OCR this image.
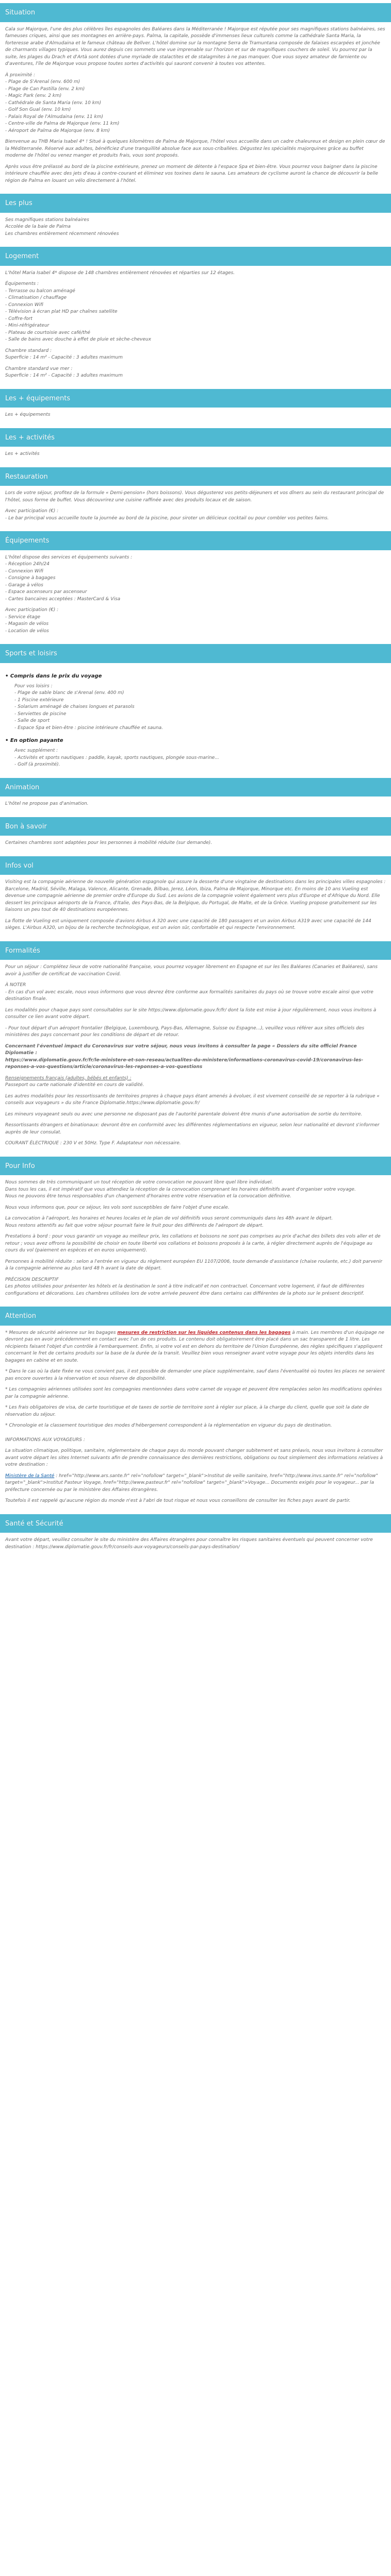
Situation

Cala sur Majorque, l'une des plus célèbres îles espagnoles des Baléares dans la Méditerranée ! Majorque est réputée pour ses magnifiques stations balnéaires, ses fameuses criques, ainsi que ses montagnes en arrière-pays. Palma, la capitale, possède d'immenses lieux culturels comme la cathédrale Santa Maria, la forteresse arabe d'Almudaina et le fameux château de Bellver. L'hôtel domine sur la montagne Serra de Tramuntana composée de falaises escarpées et jonchée de charmants villages typiques. Vous aurez depuis ces sommets une vue imprenable sur l'horizon et sur de magnifiques couchers de soleil. Vu pourrez par la suite, les plages du Drach et d'Artà sont dotées d'une myriade de stalactites et de stalagmites à ne pas manquer. Que vous soyez amateur de farniente ou d'aventures, l'île de Majorque vous propose toutes sortes d'activités qui sauront convenir à toutes vos attentes.

À proximité :

- Plage de S'Arenal (env. 600 m)
- Plage de Can Pastilla (env. 2 km)
- Magic Park (env. 2 km)
- Cathédrale de Santa Maria (env. 10 km)
- Golf Son Gual (env. 10 km)
- Palais Royal de l'Almudaina (env. 11 km)
- Centre-ville de Palma de Majorque (env. 11 km)
- Aéroport de Palma de Majorque (env. 8 km)

Bienvenue au THB Maria Isabel 4* ! Situé à quelques kilomètres de Palma de Majorque, l'hôtel vous accueille dans un cadre chaleureux et design en plein cœur de la Méditerranée. Réservé aux adultes, bénéficiez d'une tranquillité absolue face aux sous-criballées. Dégustez les spécialités majorquines grâce au buffet moderne de l'hôtel ou venez manger et produits frais, vous sont proposés.

Après vous être prélassé au bord de la piscine extérieure, prenez un moment de détente à l'espace Spa et bien-être. Vous pourrez vous baigner dans la piscine intérieure chauffée avec des jets d'eau à contre-courant et éliminez vos toxines dans le sauna. Les amateurs de cyclisme auront la chance de découvrir la belle région de Palma en louant un vélo directement à l'hôtel.

Les plus

Ses magnifiques stations balnéaires

Accolée de la baie de Palma

Les chambres entièrement récemment rénovées

Logement

L'hôtel Maria Isabel 4* dispose de 148 chambres entièrement rénovées et réparties sur 12 étages.

Équipements :

- Terrasse ou balcon aménagé
- Climatisation / chauffage
- Connexion Wifi
- Télévision à écran plat HD par chaînes satellite
- Coffre-fort
- Mini-réfrigérateur
- Plateau de courtoisie avec café/thé
- Salle de bains avec douche à effet de pluie et sèche-cheveux

Chambre standard :

Superficie : 14 m² - Capacité : 3 adultes maximum

Chambre standard vue mer :

Superficie : 14 m² - Capacité : 3 adultes maximum

Les + équipements

Les + équipements

Les + activités

Les + activités

Restauration

Lors de votre séjour, profitez de la formule « Demi-pension» (hors boissons). Vous dégusterez vos petits-déjeuners et vos dîners au sein du restaurant principal de l'hôtel, sous forme de buffet. Vous découvrirez une cuisine raffinée avec des produits locaux et de saison.

Avec participation (€) :

- Le bar principal vous accueille toute la journée au bord de la piscine, pour siroter un délicieux cocktail ou pour combler vos petites faims.

Équipements

L'hôtel dispose des services et équipements suivants :

- Réception 24h/24
- Connexion Wifi
- Consigne à bagages
- Garage à vélos
- Espace ascenseurs par ascenseur
- Cartes bancaires acceptées : MasterCard & Visa

Avec participation (€) :

- Service étage
- Magasin de vélos
- Location de vélos
Sports et loisirs
• Compris dans le prix du voyage

Pour vos loisirs :

- Plage de sable blanc de s'Arenal (env. 400 m)
- 1 Piscine extérieure
- Solarium aménagé de chaises longues et parasols
- Serviettes de piscine
- Salle de sport
- Espace Spa et bien-être : piscine intérieure chauffée et sauna.
• En option payante

Avec supplément :

- Activités et sports nautiques : paddle, kayak, sports nautiques, plongée sous-marine...
- Golf (à proximité).
Animation

L'hôtel ne propose pas d'animation.

Bon à savoir

Certaines chambres sont adaptées pour les personnes à mobilité réduite (sur demande).

Infos vol

Visiting est la compagnie aérienne de nouvelle génération espagnole qui assure la desserte d'une vingtaine de destinations dans les principales villes espagnoles : Barcelone, Madrid, Séville, Malaga, Valence, Alicante, Grenade, Bilbao, Jerez, Léon, Ibiza, Palma de Majorque, Minorque etc. En moins de 10 ans Vueling est devenue une compagnie aérienne de premier ordre d'Europe du Sud. Les avions de la compagnie volent également vers plus d'Europe et d'Afrique du Nord. Elle dessert les principaux aéroports de la France, d'Italie, des Pays-Bas, de la Belgique, du Portugal, de Malte, et de la Grèce. Vueling propose gratuitement sur les liaisons un peu tout de 40 destinations européennes.

La flotte de Vueling est uniquement composée d'avions Airbus A 320 avec une capacité de 180 passagers et un avion Airbus A319 avec une capacité de 144 sièges. L'Airbus A320, un bijou de la recherche technologique, est un avion sûr, confortable et qui respecte l'environnement.

Formalités

Pour un séjour : Complétez lieux de votre nationalité française, vous pourrez voyager librement en Espagne et sur les îles Baléares (Canaries et Baléares), sans avoir à justifier de certificat de vaccination Covid.

À NOTER

- En cas d'un vol avec escale, nous vous informons que vous devrez être conforme aux formalités sanitaires du pays où se trouve votre escale ainsi que votre destination finale.

Les modalités pour chaque pays sont consultables sur le site https://www.diplomatie.gouv.fr/fr/ dont la liste est mise à jour régulièrement, nous vous invitons à consulter ce lien avant votre départ.

- Pour tout départ d'un aéroport frontalier (Belgique, Luxembourg, Pays-Bas, Allemagne, Suisse ou Espagne...), veuillez vous référer aux sites officiels des ministères des pays concernant pour les conditions de départ et de retour.

Concernant l'éventuel impact du Coronavirus sur votre séjour, nous vous invitons à consulter la page « Dossiers du site officiel France Diplomatie :

https://www.diplomatie.gouv.fr/fr/le-ministere-et-son-reseau/actualites-du-ministere/informations-coronavirus-covid-19/coronavirus-les-reponses-a-vos-questions/article/coronavirus-les-reponses-a-vos-questions

Renseignements français (adultes, bébés et enfants) :

Passeport ou carte nationale d'identité en cours de validité.

Les autres modalités pour les ressortissants de territoires propres à chaque pays étant amenés à évoluer, il est vivement conseillé de se reporter à la rubrique « conseils aux voyageurs » du site France Diplomatie.https://www.diplomatie.gouv.fr/

Les mineurs voyageant seuls ou avec une personne ne disposant pas de l'autorité parentale doivent être munis d'une autorisation de sortie du territoire.

Ressortissants étrangers et binationaux: devront être en conformité avec les différentes réglementations en vigueur, selon leur nationalité et devront s'informer auprès de leur consulat.

COURANT ÉLECTRIQUE : 230 V et 50Hz. Type F. Adaptateur non nécessaire.

Pour Info

Nous sommes de très communiquant un tout réception de votre convocation ne pouvant libre quel libre individuel.

Dans tous les cas, il est impératif que vous attendiez la réception de la convocation comprenant les horaires définitifs avant d'organiser votre voyage.

Nous ne pouvons être tenus responsables d'un changement d'horaires entre votre réservation et la convocation définitive.

Nous vous informons que, pour ce séjour, les vols sont susceptibles de faire l'objet d'une escale.

La convocation à l'aéroport, les horaires et heures locales et le plan de vol définitifs vous seront communiqués dans les 48h avant le départ.

Nous restons attentifs au fait que votre séjour pourrait faire le fruit pour des différents de l'aéroport de départ.

Prestations à bord : pour vous garantir un voyage au meilleur prix, les collations et boissons ne sont pas comprises au prix d'achat des billets des vols aller et de retour ; vous avez offrons la possibilité de choisir en toute liberté vos collations et boissons proposés à la carte, à régler directement auprès de l'équipage au cours du vol (paiement en espèces et en euros uniquement).

Personnes à mobilité réduite : selon a l'entrée en vigueur du règlement européen EU 1107/2006, toute demande d'assistance (chaise roulante, etc.) doit parvenir à la compagnie aérienne au plus tard 48 h avant la date de départ.

PRÉCISION DESCRIPTIF

Les photos utilisées pour présenter les hôtels et la destination le sont à titre indicatif et non contractuel. Concernant votre logement, il faut de différentes configurations et décorations. Les chambres utilisées lors de votre arrivée peuvent être dans certains cas différentes de la photo sur le présent descriptif.

Attention

* Mesures de sécurité aérienne sur les bagages mesures de restriction sur les liquides contenus dans les bagages à main. Les membres d'un équipage ne devront pas en avoir précédemment en contact avec l'un de ces produits. Le contenu doit obligatoirement être placé dans un sac transparent de 1 litre. Les récipients faisant l'objet d'un contrôle à l'embarquement. Enfin, si votre vol est en dehors du territoire de l'Union Européenne, des règles spécifiques s'appliquent concernant le fret de certains produits sur la base de la durée de la transit. Veuillez bien vous renseigner avant votre voyage pour les objets interdits dans les bagages en cabine et en soute.

* Dans le cas où la date fixée ne vous convient pas, il est possible de demander une place supplémentaire, sauf dans l'éventualité où toutes les places ne seraient pas encore ouvertes à la réservation et sous réserve de disponibilité.

* Les compagnies aériennes utilisées sont les compagnies mentionnées dans votre carnet de voyage et peuvent être remplacées selon les modifications opérées par la compagnie aérienne.

* Les frais obligatoires de visa, de carte touristique et de taxes de sortie de territoire sont à régler sur place, à la charge du client, quelle que soit la date de réservation du séjour.

* Chronologie et la classement touristique des modes d'hébergement correspondent à la réglementation en vigueur du pays de destination.

INFORMATIONS AUX VOYAGEURS :

La situation climatique, politique, sanitaire, réglementaire de chaque pays du monde pouvant changer subitement et sans préavis, nous vous invitons à consulter avant votre départ les sites Internet suivants afin de prendre connaissance des dernières restrictions, obligations ou tout simplement des informations relatives à votre destination :

Ministère de la Santé : href="http://www.ars.sante.fr" rel="nofollow" target="_blank">Institut de veille sanitaire, href="http://www.invs.sante.fr" rel="nofollow" target="_blank">Institut Pasteur Voyage, href="http://www.pasteur.fr" rel="nofollow" target="_blank">Voyage... Documents exigés pour le voyageur... par la préfecture concernée ou par le ministère des Affaires étrangères.

Toutefois il est rappelé qu'aucune région du monde n'est à l'abri de tout risque et nous vous conseillons de consulter les fiches pays avant de partir.

Santé et Sécurité

Avant votre départ, veuillez consulter le site du ministère des Affaires étrangères pour connaître les risques sanitaires éventuels qui peuvent concerner votre destination : https://www.diplomatie.gouv.fr/fr/conseils-aux-voyageurs/conseils-par-pays-destination/
